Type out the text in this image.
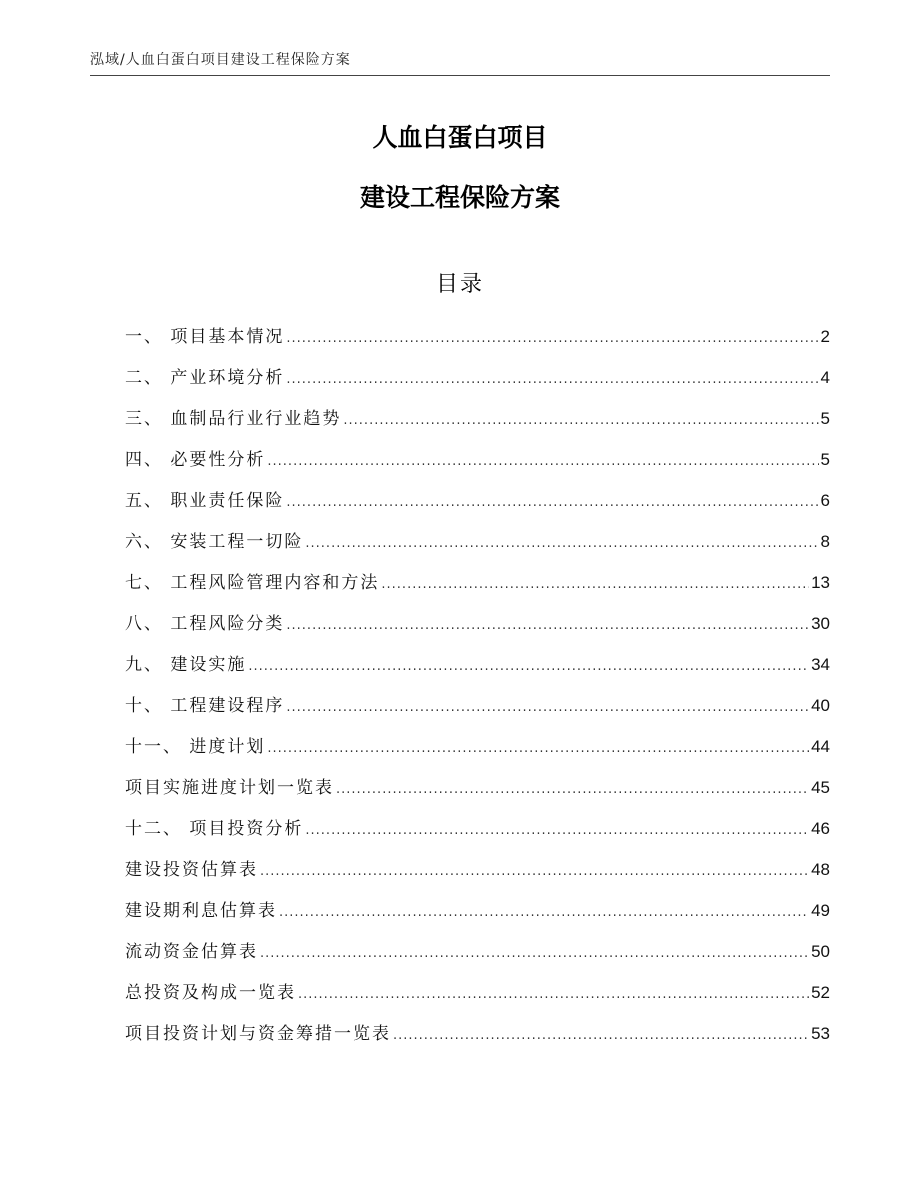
泓域/人血白蛋白项目建设工程保险方案
人血白蛋白项目
建设工程保险方案
目录
一、 项目基本情况 .....	2
二、 产业环境分析 .....	4
三、 血制品行业行业趋势 .....	5
四、 必要性分析 .....	5
五、 职业责任保险 .....	6
六、 安装工程一切险 .....	8
七、 工程风险管理内容和方法 .....	13
八、 工程风险分类 .....	30
九、 建设实施 .....	34
十、 工程建设程序 .....	40
十一、 进度计划 .....	44
项目实施进度计划一览表 .....	45
十二、 项目投资分析 .....	46
建设投资估算表 .....	48
建设期利息估算表 .....	49
流动资金估算表 .....	50
总投资及构成一览表 .....	52
项目投资计划与资金筹措一览表 .....	53
